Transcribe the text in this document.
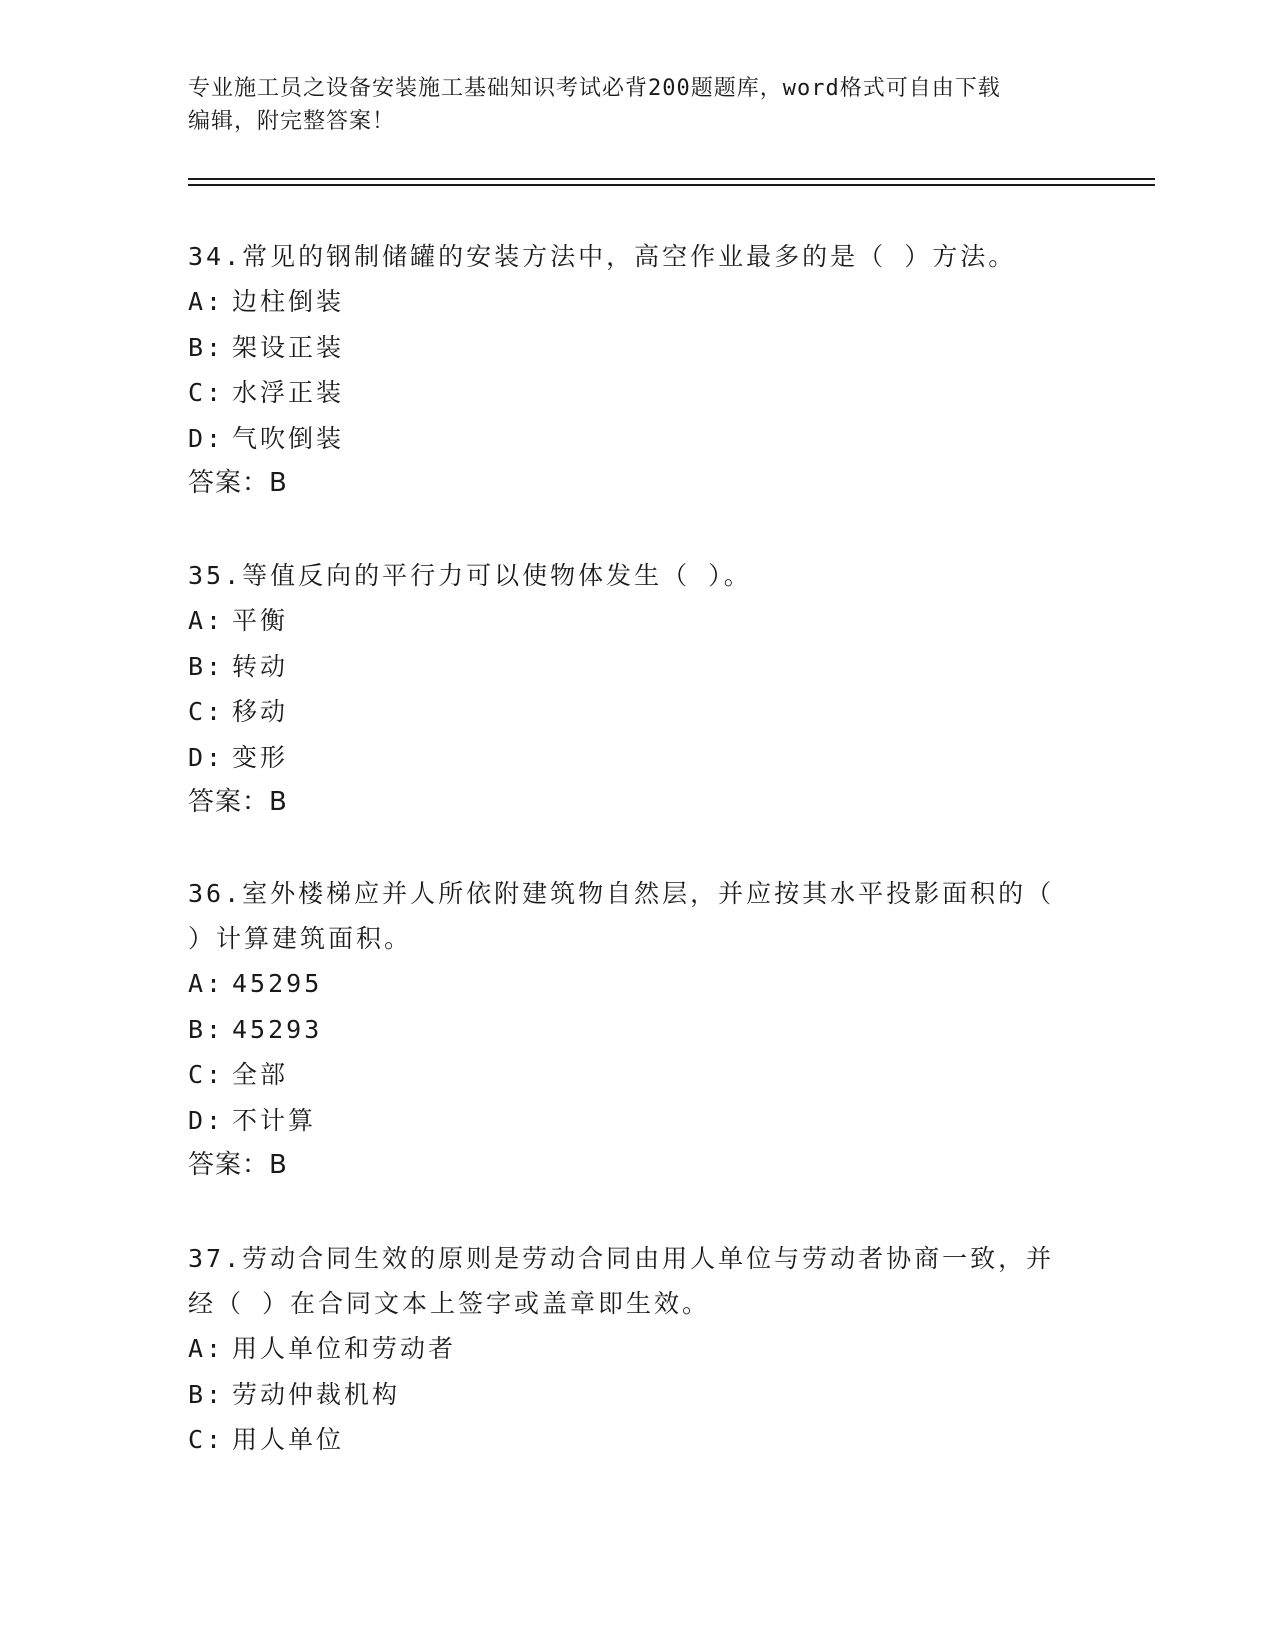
专业施工员之设备安装施工基础知识考试必背200题题库，word格式可自由下载
编辑，附完整答案！
34.常见的钢制储罐的安装方法中，高空作业最多的是（ ）方法。
A: 边柱倒装
B: 架设正装
C: 水浮正装
D: 气吹倒装
答案：B
35.等值反向的平行力可以使物体发生（ ）。
A: 平衡
B: 转动
C: 移动
D: 变形
答案：B
36.室外楼梯应并人所依附建筑物自然层，并应按其水平投影面积的（
）计算建筑面积。
A: 45295
B: 45293
C: 全部
D: 不计算
答案：B
37.劳动合同生效的原则是劳动合同由用人单位与劳动者协商一致，并
经（ ）在合同文本上签字或盖章即生效。
A: 用人单位和劳动者
B: 劳动仲裁机构
C: 用人单位
